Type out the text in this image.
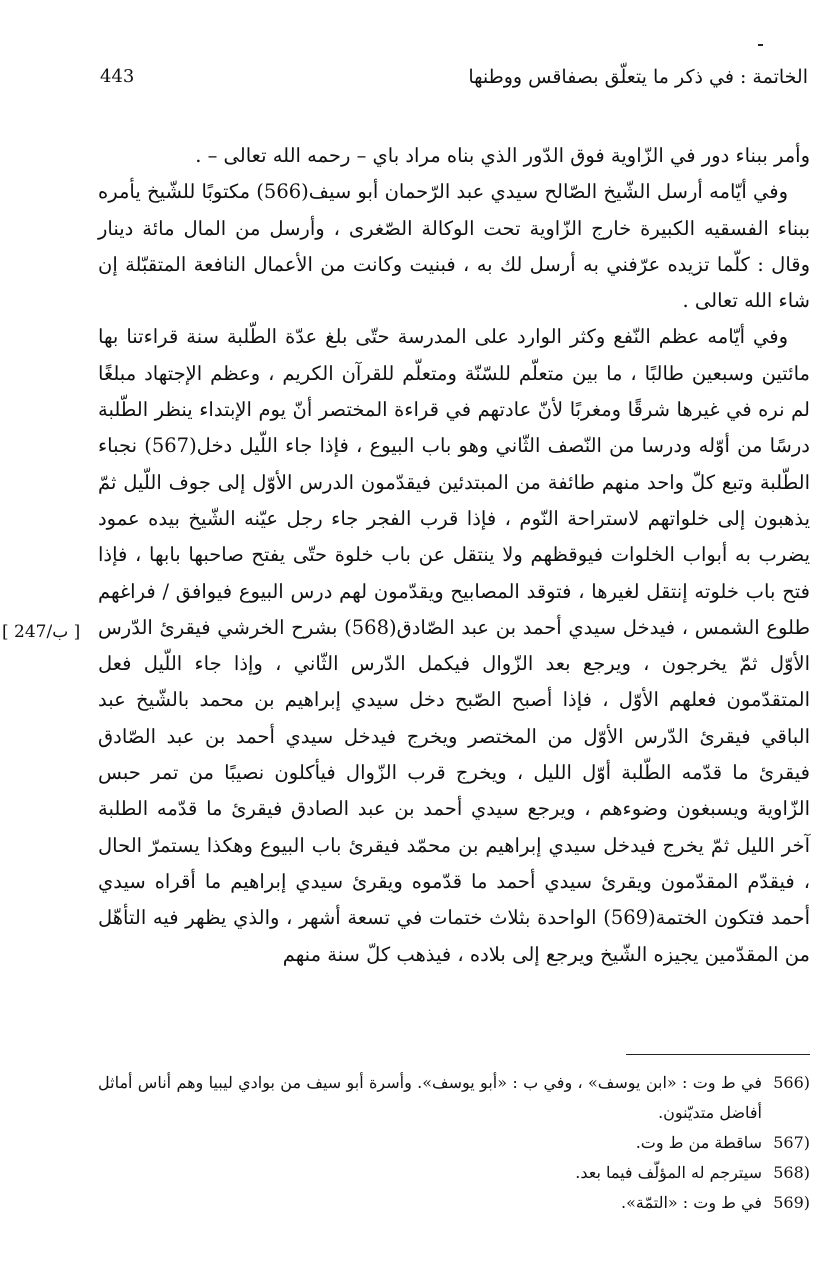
الخاتمة : في ذكر ما يتعلّق بصفاقس ووطنها
443

وأمر ببناء دور في الزّاوية فوق الدّور الذي بناه مراد باي – رحمه الله تعالى – .

وفي أيّامه أرسل الشّيخ الصّالح سيدي عبد الرّحمان أبو سيف(566) مكتوبًا للشّيخ يأمره ببناء الفسقيه الكبيرة خارج الزّاوية تحت الوكالة الصّغرى ، وأرسل من المال مائة دينار وقال : كلّما تزيده عرّفني به أرسل لك به ، فبنيت وكانت من الأعمال النافعة المتقبّلة إن شاء الله تعالى .

وفي أيّامه عظم النّفع وكثر الوارد على المدرسة حتّى بلغ عدّة الطّلبة سنة قراءتنا بها مائتين وسبعين طالبًا ، ما بين متعلّم للسّنّة ومتعلّم للقرآن الكريم ، وعظم الإجتهاد مبلغًا لم نره في غيرها شرقًا ومغربًا لأنّ عادتهم في قراءة المختصر أنّ يوم الإبتداء ينظر الطّلبة درسًا من أوّله ودرسا من النّصف الثّاني وهو باب البيوع ، فإذا جاء اللّيل دخل(567) نجباء الطّلبة وتبع كلّ واحد منهم طائفة من المبتدئين فيقدّمون الدرس الأوّل إلى جوف اللّيل ثمّ يذهبون إلى خلواتهم لاستراحة النّوم ، فإذا قرب الفجر جاء رجل عيّنه الشّيخ بيده عمود يضرب به أبواب الخلوات فيوقظهم ولا ينتقل عن باب خلوة حتّى يفتح صاحبها بابها ، فإذا فتح باب خلوته إنتقل لغيرها ، فتوقد المصابيح ويقدّمون لهم درس البيوع فيوافق / فراغهم طلوع الشمس ، فيدخل سيدي أحمد بن عبد الصّادق(568) بشرح الخرشي فيقرئ الدّرس الأوّل ثمّ يخرجون ، ويرجع بعد الزّوال فيكمل الدّرس الثّاني ، وإذا جاء اللّيل فعل المتقدّمون فعلهم الأوّل ، فإذا أصبح الصّبح دخل سيدي إبراهيم بن محمد بالشّيخ عبد الباقي فيقرئ الدّرس الأوّل من المختصر ويخرج فيدخل سيدي أحمد بن عبد الصّادق فيقرئ ما قدّمه الطّلبة أوّل الليل ، ويخرج قرب الزّوال فيأكلون نصيبًا من تمر حبس الزّاوية ويسبغون وضوءهم ، ويرجع سيدي أحمد بن عبد الصادق فيقرئ ما قدّمه الطلبة آخر الليل ثمّ يخرج فيدخل سيدي إبراهيم بن محمّد فيقرئ باب البيوع وهكذا يستمرّ الحال ، فيقدّم المقدّمون ويقرئ سيدي أحمد ما قدّموه ويقرئ سيدي إبراهيم ما أقراه سيدي أحمد فتكون الختمة(569) الواحدة بثلاث ختمات في تسعة أشهر ، والذي يظهر فيه التأهّل من المقدّمين يجيزه الشّيخ ويرجع إلى بلاده ، فيذهب كلّ سنة منهم

[ 247/ب ]
566)
في ط وت : «ابن يوسف» ، وفي ب : «أبو يوسف». وأسرة أبو سيف من بوادي ليبيا وهم أناس أماثل أفاضل متديّنون.
567)
ساقطة من ط وت.
568)
سيترجم له المؤلّف فيما بعد.
569)
في ط وت : «التمّة».
